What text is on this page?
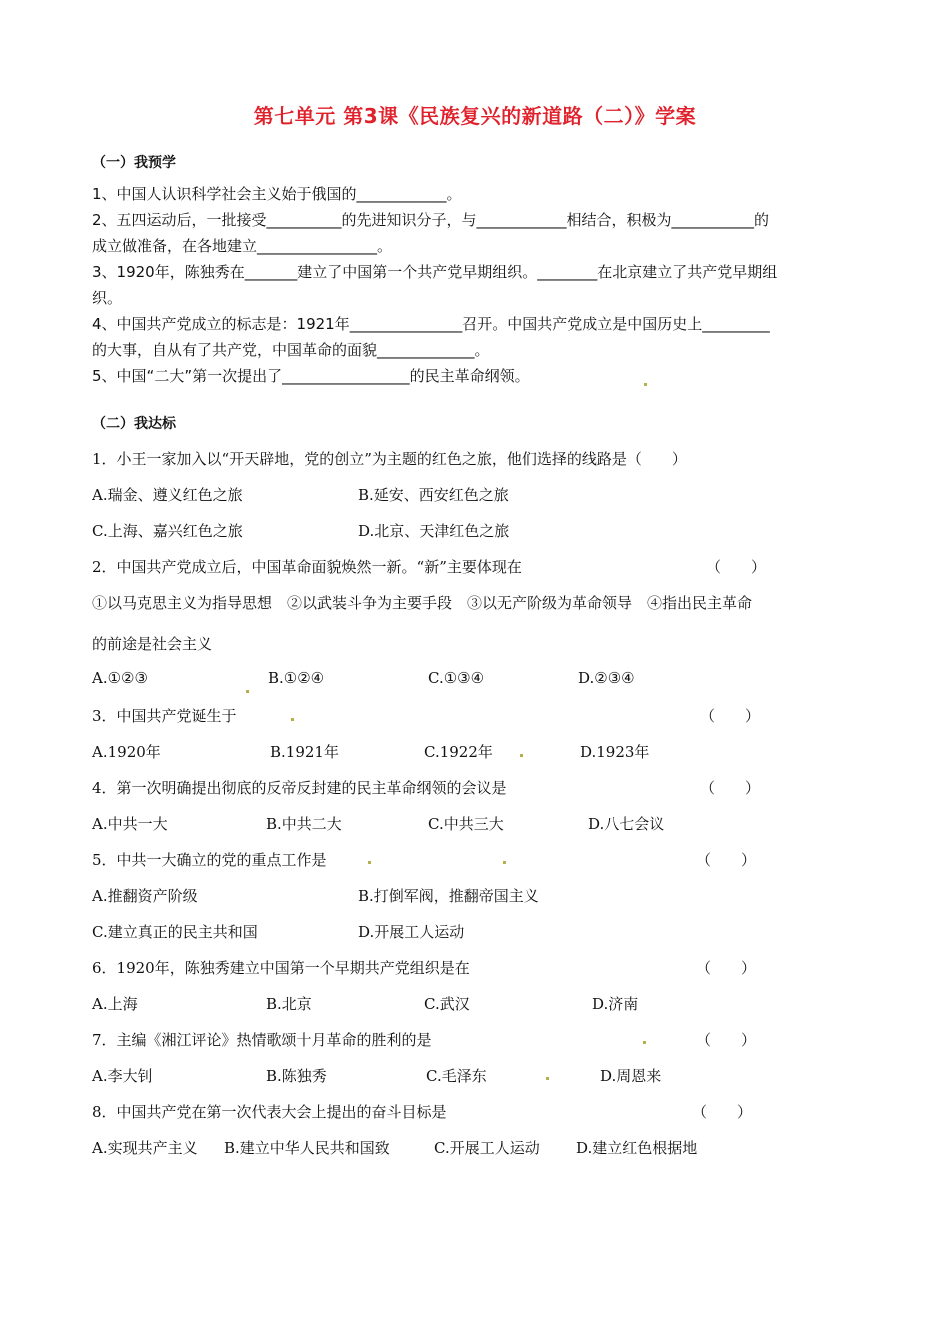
第七单元 第3课《民族复兴的新道路（二）》学案
（一）我预学
1、中国人认识科学社会主义始于俄国的____________。
2、五四运动后，一批接受__________的先进知识分子，与____________相结合，积极为___________的
成立做准备，在各地建立________________。
3、1920年，陈独秀在_______建立了中国第一个共产党早期组织。________在北京建立了共产党早期组
织。
4、中国共产党成立的标志是：1921年_______________召开。中国共产党成立是中国历史上_________
的大事，自从有了共产党，中国革命的面貌_____________。
5、中国“二大”第一次提出了_________________的民主革命纲领。
（二）我达标
1．小王一家加入以“开天辟地，党的创立”为主题的红色之旅，他们选择的线路是（　　）
A.瑞金、遵义红色之旅	B.延安、西安红色之旅
C.上海、嘉兴红色之旅	D.北京、天津红色之旅
2．中国共产党成立后，中国革命面貌焕然一新。“新”主要体现在	（　　）
①以马克思主义为指导思想　②以武装斗争为主要手段　③以无产阶级为革命领导　④指出民主革命
的前途是社会主义
A.①②③	B.①②④	C.①③④	D.②③④
3．中国共产党诞生于	（　　）
A.1920年	B.1921年	C.1922年	D.1923年
4．第一次明确提出彻底的反帝反封建的民主革命纲领的会议是	（　　）
A.中共一大	B.中共二大	C.中共三大	D.八七会议
5．中共一大确立的党的重点工作是	（　　）
A.推翻资产阶级	B.打倒军阀，推翻帝国主义
C.建立真正的民主共和国	D.开展工人运动
6．1920年，陈独秀建立中国第一个早期共产党组织是在	（　　）
A.上海	B.北京	C.武汉	D.济南
7．主编《湘江评论》热情歌颂十月革命的胜利的是	（　　）
A.李大钊	B.陈独秀	C.毛泽东	D.周恩来
8．中国共产党在第一次代表大会上提出的奋斗目标是	（　　）
A.实现共产主义 B.建立中华人民共和国致	C.开展工人运动 D.建立红色根据地
